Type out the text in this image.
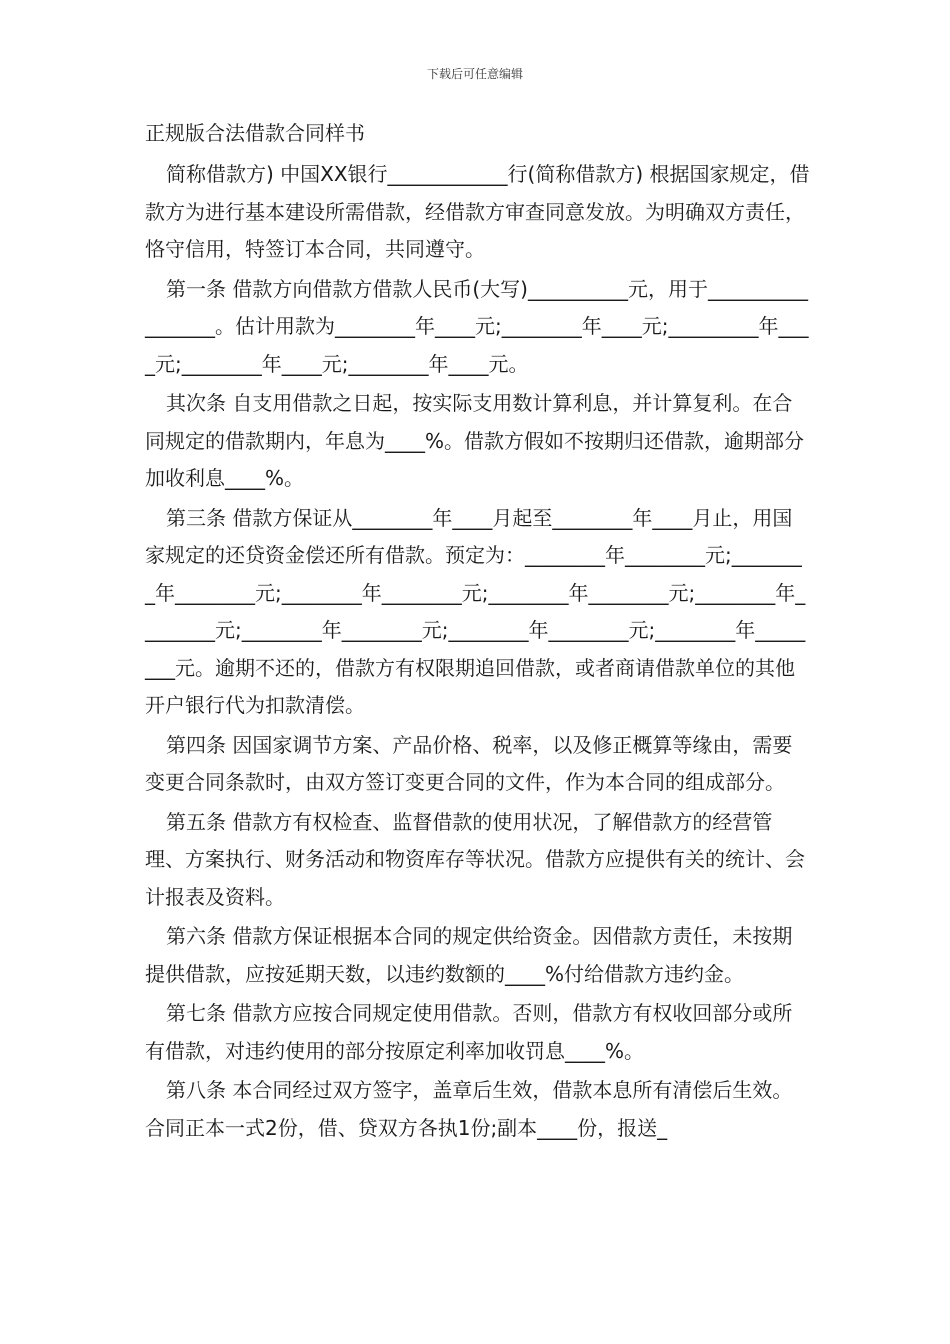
下载后可任意编辑
正规版合法借款合同样书
简称借款方) 中国XX银行____________行(简称借款方) 根据国家规定，借款方为进行基本建设所需借款，经借款方审查同意发放。为明确双方责任，恪守信用，特签订本合同，共同遵守。
第一条 借款方向借款方借款人民币(大写)__________元，用于_________________。估计用款为________年____元;________年____元;_________年____元;________年____元;________年____元。
其次条 自支用借款之日起，按实际支用数计算利息，并计算复利。在合同规定的借款期内，年息为____%。借款方假如不按期归还借款，逾期部分加收利息____%。
第三条 借款方保证从________年____月起至________年____月止，用国家规定的还贷资金偿还所有借款。预定为：________年________元;________年________元;________年________元;________年________元;________年________元;________年________元;________年________元;________年________元。逾期不还的，借款方有权限期追回借款，或者商请借款单位的其他开户银行代为扣款清偿。
第四条 因国家调节方案、产品价格、税率，以及修正概算等缘由，需要变更合同条款时，由双方签订变更合同的文件，作为本合同的组成部分。
第五条 借款方有权检查、监督借款的使用状况，了解借款方的经营管理、方案执行、财务活动和物资库存等状况。借款方应提供有关的统计、会计报表及资料。
第六条 借款方保证根据本合同的规定供给资金。因借款方责任，未按期提供借款，应按延期天数，以违约数额的____%付给借款方违约金。
第七条 借款方应按合同规定使用借款。否则，借款方有权收回部分或所有借款，对违约使用的部分按原定利率加收罚息____%。
第八条 本合同经过双方签字，盖章后生效，借款本息所有清偿后生效。合同正本一式2份，借、贷双方各执1份;副本____份，报送_
